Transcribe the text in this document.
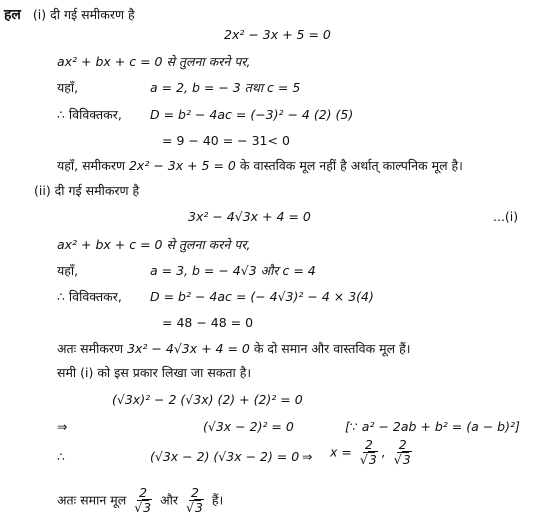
हल (i) दी गई समीकरण है
2x² − 3x + 5 = 0
ax² + bx + c = 0 से तुलना करने पर,
यहाँ,	a = 2, b = − 3 तथा c = 5
∴ विविक्तकर, D = b² − 4ac = (−3)² − 4 (2) (5)
= 9 − 40 = − 31< 0
यहाँ, समीकरण 2x² − 3x + 5 = 0 के वास्तविक मूल नहीं है अर्थात् काल्पनिक मूल है।
(ii) दी गई समीकरण है
3x² − 4√3x + 4 = 0	...(i)
ax² + bx + c = 0 से तुलना करने पर,
यहाँ,	a = 3, b = − 4√3 और c = 4
∴ विविक्तकर, D = b² − 4ac = (− 4√3)² − 4 × 3(4)
= 48 − 48 = 0
अतः समीकरण 3x² − 4√3x + 4 = 0 के दो समान और वास्तविक मूल हैं।
समी (i) को इस प्रकार लिखा जा सकता है।
(√3x)² − 2 (√3x) (2) + (2)² = 0
⇒	(√3x − 2)² = 0	[∵ a² − 2ab + b² = (a − b)²]
∴	(√3x − 2) (√3x − 2) = 0 ⇒ $x = \frac{2}{√3}$ , $\frac{2}{√3}$
अतः समान मूल $\frac{2}{√3}$ और $\frac{2}{√3}$ हैं।
